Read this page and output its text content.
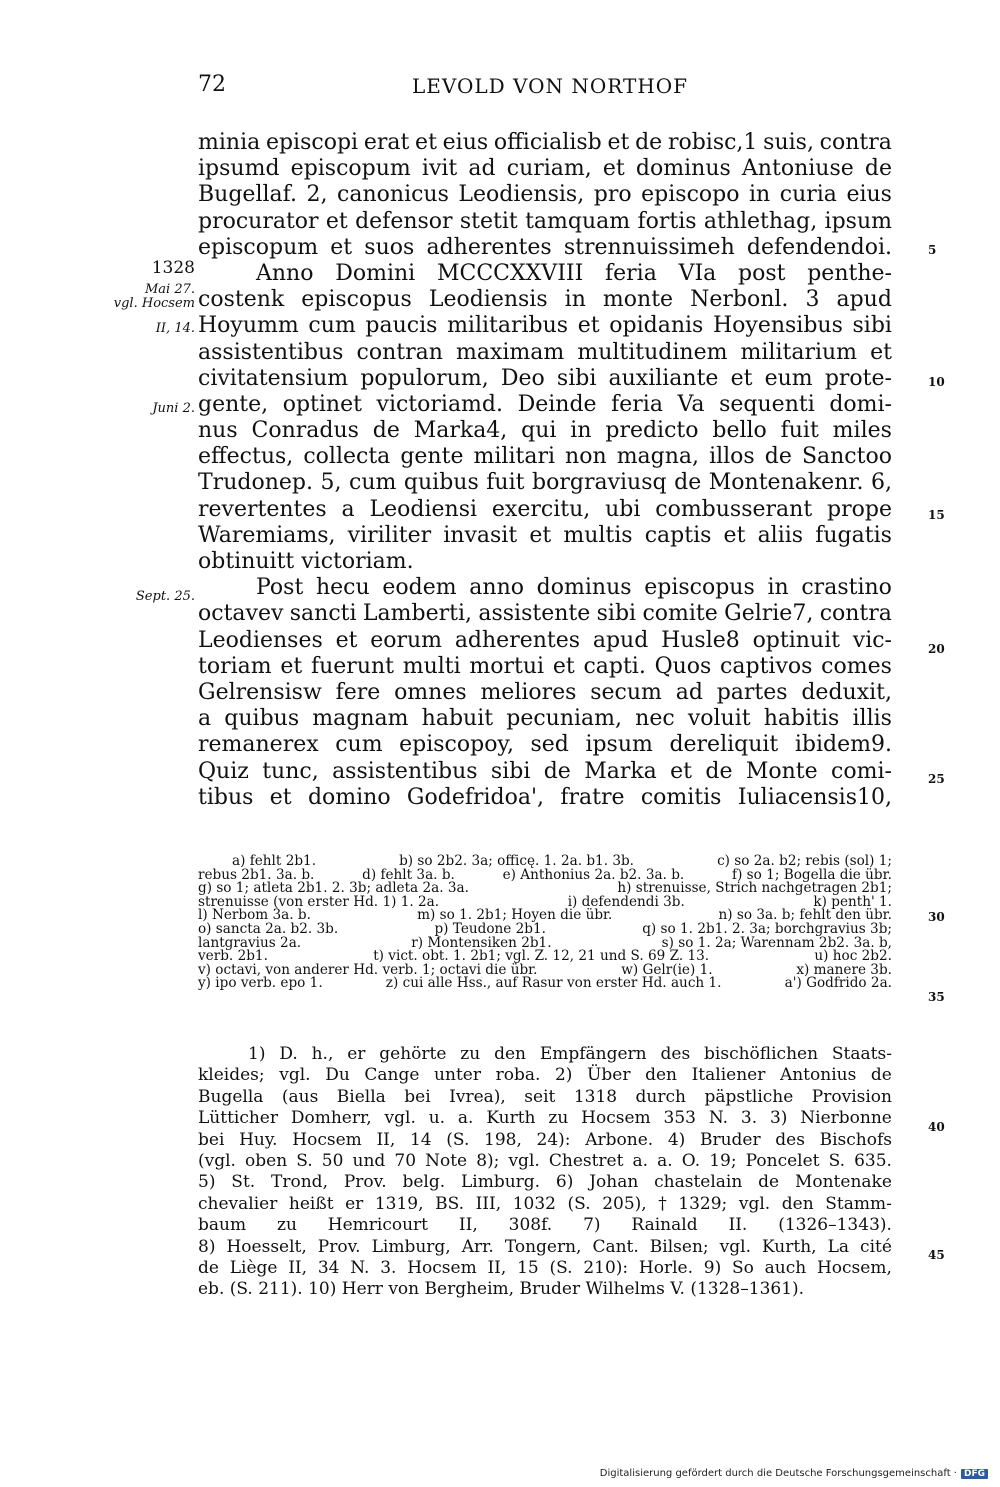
72	LEVOLD VON NORTHOF
minia episcopi erat et eius officialisb et de robisc,1 suis, contra
ipsumd episcopum ivit ad curiam, et dominus Antoniuse de
Bugellaf. 2, canonicus Leodiensis, pro episcopo in curia eius
procurator et defensor stetit tamquam fortis athlethag, ipsum
episcopum et suos adherentes strennuissimeh defendendoi.
Anno Domini MCCCXXVIII feria VIa post penthe-
costenk episcopus Leodiensis in monte Nerbonl. 3 apud
Hoyumm cum paucis militaribus et opidanis Hoyensibus sibi
assistentibus contran maximam multitudinem militarium et
civitatensium populorum, Deo sibi auxiliante et eum prote-
gente, optinet victoriamd. Deinde feria Va sequenti domi-
nus Conradus de Marka4, qui in predicto bello fuit miles
effectus, collecta gente militari non magna, illos de Sanctoo
Trudonep. 5, cum quibus fuit borgraviusq de Montenakenr. 6,
revertentes a Leodiensi exercitu, ubi combusserant prope
Waremiams, viriliter invasit et multis captis et aliis fugatis
obtinuitt victoriam.
Post hecu eodem anno dominus episcopus in crastino
octavev sancti Lamberti, assistente sibi comite Gelrie7, contra
Leodienses et eorum adherentes apud Husle8 optinuit vic-
toriam et fuerunt multi mortui et capti. Quos captivos comes
Gelrensisw fere omnes meliores secum ad partes deduxit,
a quibus magnam habuit pecuniam, nec voluit habitis illis
remanerex cum episcopoy, sed ipsum dereliquit ibidem9.
Quiz tunc, assistentibus sibi de Marka et de Monte comi-
tibus et domino Godefridoa', fratre comitis Iuliacensis10,
1328
Mai 27.
vgl. Hocsem
II, 14.
Juni 2.
Sept. 25.
5
10
15
20
25
30
35
40
45
a) fehlt 2b1.	b) so 2b2. 3a; officę. 1. 2a. b1. 3b.	c) so 2a. b2; rebis (sol) 1;
rebus 2b1. 3a. b.	d) fehlt 3a. b.	e) Anthonius 2a. b2. 3a. b.	f) so 1; Bogella die übr.
g) so 1; atleta 2b1. 2. 3b; adleta 2a. 3a.	h) strenuisse, Strich nachgetragen 2b1;
strenuisse (von erster Hd. 1) 1. 2a.	i) defendendi 3b.	k) penth' 1.
l) Nerbom 3a. b.	m) so 1. 2b1; Hoyen die übr.	n) so 3a. b; fehlt den übr.
o) sancta 2a. b2. 3b.	p) Teudone 2b1.	q) so 1. 2b1. 2. 3a; borchgravius 3b;
lantgravius 2a.	r) Montensiken 2b1.	s) so 1. 2a; Warennam 2b2. 3a. b,
verb. 2b1.	t) vict. obt. 1. 2b1; vgl. Z. 12, 21 und S. 69 Z. 13.	u) hoc 2b2.
v) octavi, von anderer Hd. verb. 1; octavi die übr.	w) Gelr(ie) 1.	x) manere 3b.
y) ipo verb. epo 1.	z) cui alle Hss., auf Rasur von erster Hd. auch 1.	a') Godfrido 2a.
1) D. h., er gehörte zu den Empfängern des bischöflichen Staats-
kleides; vgl. Du Cange unter roba. 2) Über den Italiener Antonius de
Bugella (aus Biella bei Ivrea), seit 1318 durch päpstliche Provision
Lütticher Domherr, vgl. u. a. Kurth zu Hocsem 353 N. 3. 3) Nierbonne
bei Huy. Hocsem II, 14 (S. 198, 24): Arbone. 4) Bruder des Bischofs
(vgl. oben S. 50 und 70 Note 8); vgl. Chestret a. a. O. 19; Poncelet S. 635.
5) St. Trond, Prov. belg. Limburg. 6) Johan chastelain de Montenake
chevalier heißt er 1319, BS. III, 1032 (S. 205), † 1329; vgl. den Stamm-
baum zu Hemricourt II, 308f. 7) Rainald II. (1326–1343).
8) Hoesselt, Prov. Limburg, Arr. Tongern, Cant. Bilsen; vgl. Kurth, La cité
de Liège II, 34 N. 3. Hocsem II, 15 (S. 210): Horle. 9) So auch Hocsem,
eb. (S. 211). 10) Herr von Bergheim, Bruder Wilhelms V. (1328–1361).
Digitalisierung gefördert durch die Deutsche Forschungsgemeinschaft · DFG
